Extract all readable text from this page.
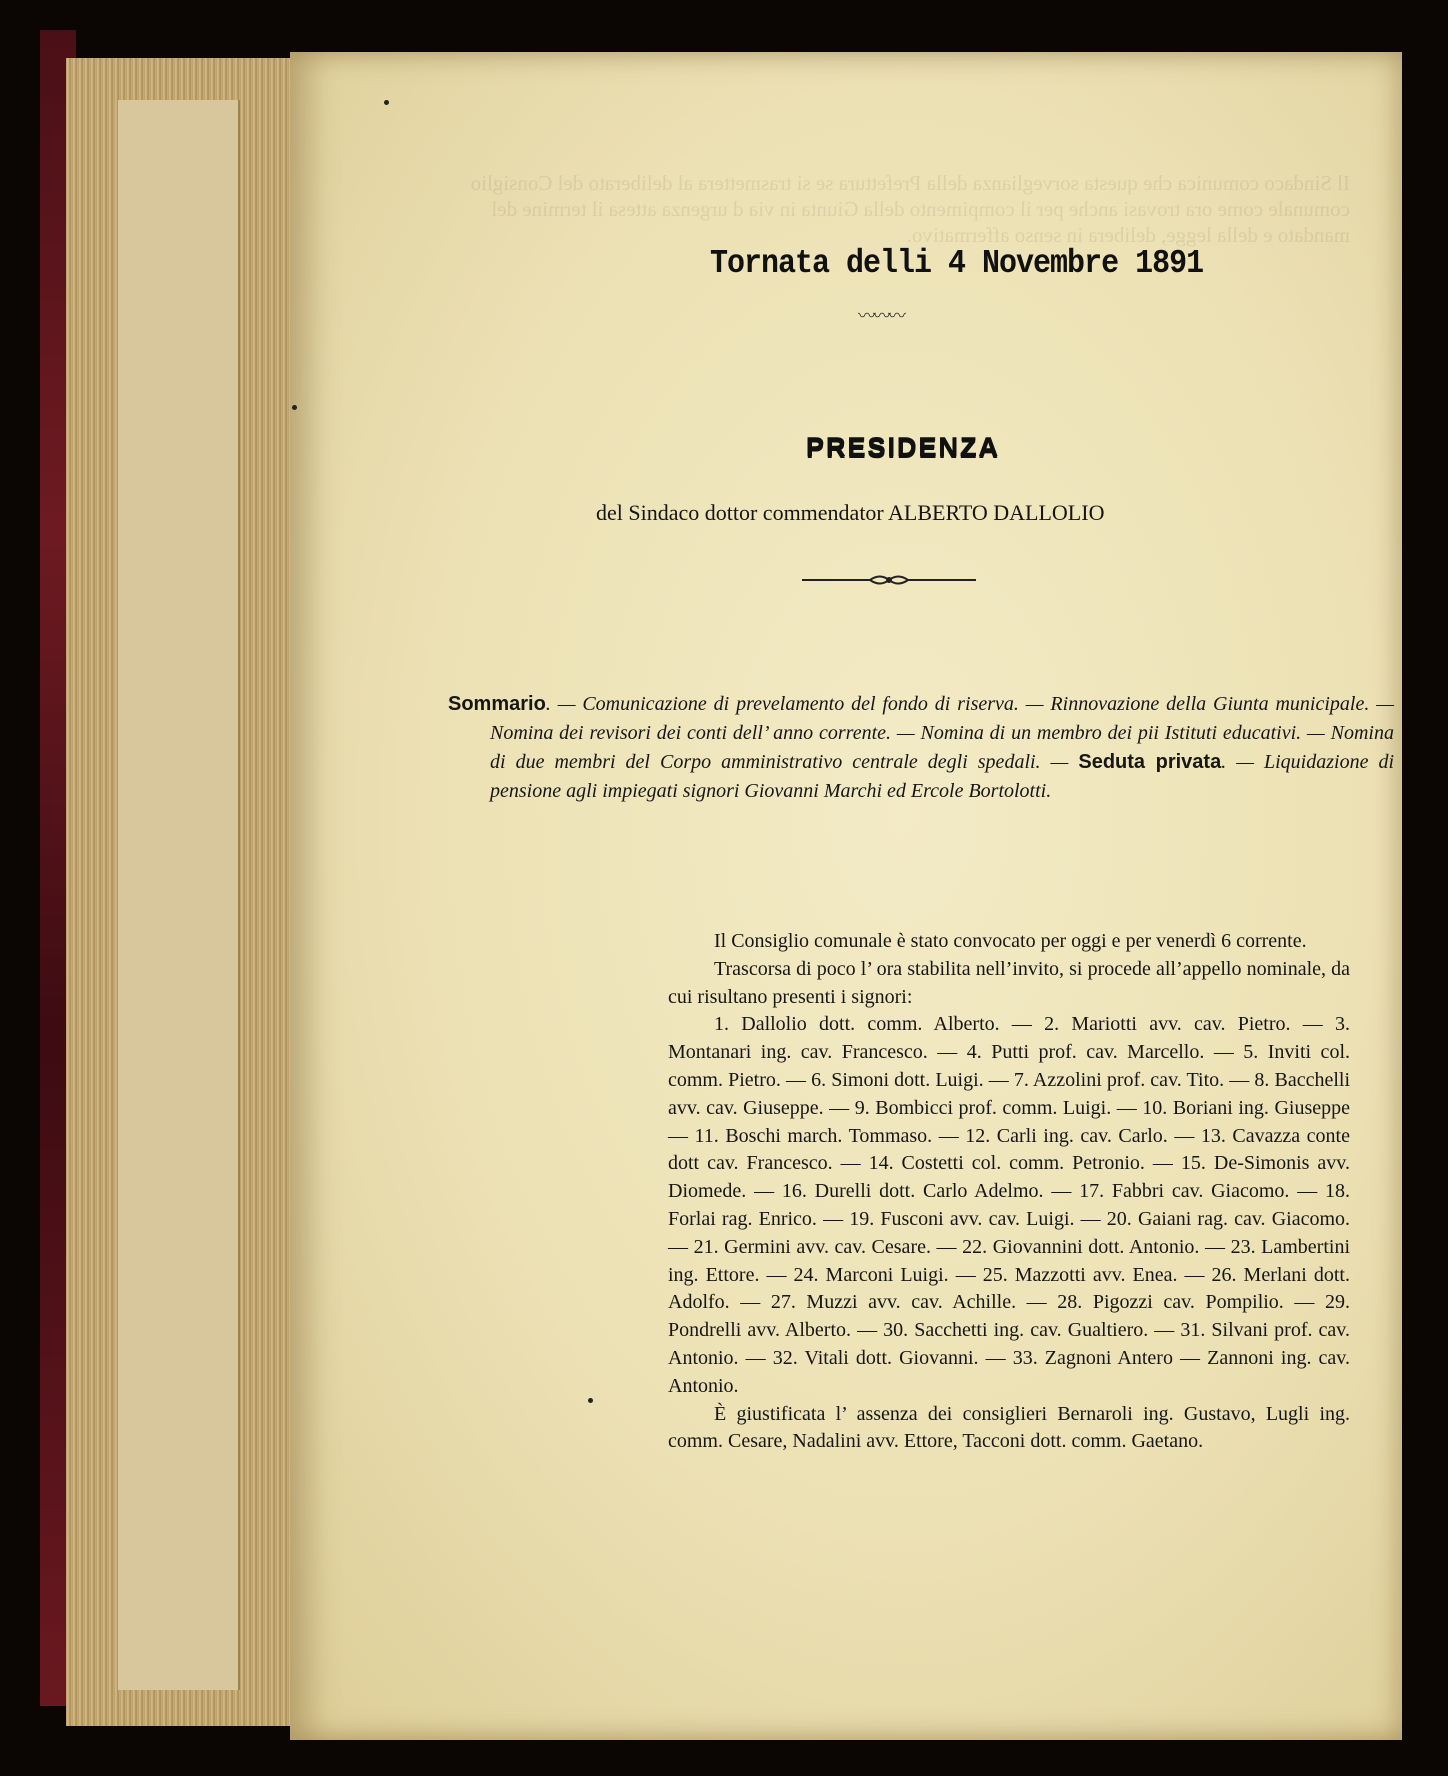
Il Sindaco comunica che questa sorveglianza della Prefettura se si trasmettera al deliberato del Consiglio comunale come ora trovasi anche per il compimento della Giunta in via d urgenza attesa il termine del mandato e della legge, delibera in senso affermativo.
Tornata delli 4 Novembre 1891
〰〰〰
PRESIDENZA
del Sindaco dottor commendator ALBERTO DALLOLIO
Sommario. — Comunicazione di prevelamento del fondo di riserva. — Rinnovazione della Giunta municipale. — Nomina dei revisori dei conti dell’ anno corrente. — Nomina di un membro dei pii Istituti educativi. — Nomina di due membri del Corpo amministrativo centrale degli spedali. — Seduta privata. — Liquidazione di pensione agli impiegati signori Giovanni Marchi ed Ercole Bortolotti.

Il Consiglio comunale è stato convocato per oggi e per venerdì 6 corrente.

Trascorsa di poco l’ ora stabilita nell’invito, si procede all’appello nominale, da cui risultano presenti i signori:

1. Dallolio dott. comm. Alberto. — 2. Mariotti avv. cav. Pietro. — 3. Montanari ing. cav. Francesco. — 4. Putti prof. cav. Marcello. — 5. Inviti col. comm. Pietro. — 6. Simoni dott. Luigi. — 7. Azzolini prof. cav. Tito. — 8. Bacchelli avv. cav. Giuseppe. — 9. Bombicci prof. comm. Luigi. — 10. Boriani ing. Giuseppe — 11. Boschi march. Tommaso. — 12. Carli ing. cav. Carlo. — 13. Cavazza conte dott cav. Francesco. — 14. Costetti col. comm. Petronio. — 15. De-Simonis avv. Diomede. — 16. Durelli dott. Carlo Adelmo. — 17. Fabbri cav. Giacomo. — 18. Forlai rag. Enrico. — 19. Fusconi avv. cav. Luigi. — 20. Gaiani rag. cav. Giacomo. — 21. Germini avv. cav. Cesare. — 22. Giovannini dott. Antonio. — 23. Lambertini ing. Ettore. — 24. Marconi Luigi. — 25. Mazzotti avv. Enea. — 26. Merlani dott. Adolfo. — 27. Muzzi avv. cav. Achille. — 28. Pigozzi cav. Pompilio. — 29. Pondrelli avv. Alberto. — 30. Sacchetti ing. cav. Gualtiero. — 31. Silvani prof. cav. Antonio. — 32. Vitali dott. Giovanni. — 33. Zagnoni Antero — Zannoni ing. cav. Antonio.

È giustificata l’ assenza dei consiglieri Bernaroli ing. Gustavo, Lugli ing. comm. Cesare, Nadalini avv. Ettore, Tacconi dott. comm. Gaetano.
